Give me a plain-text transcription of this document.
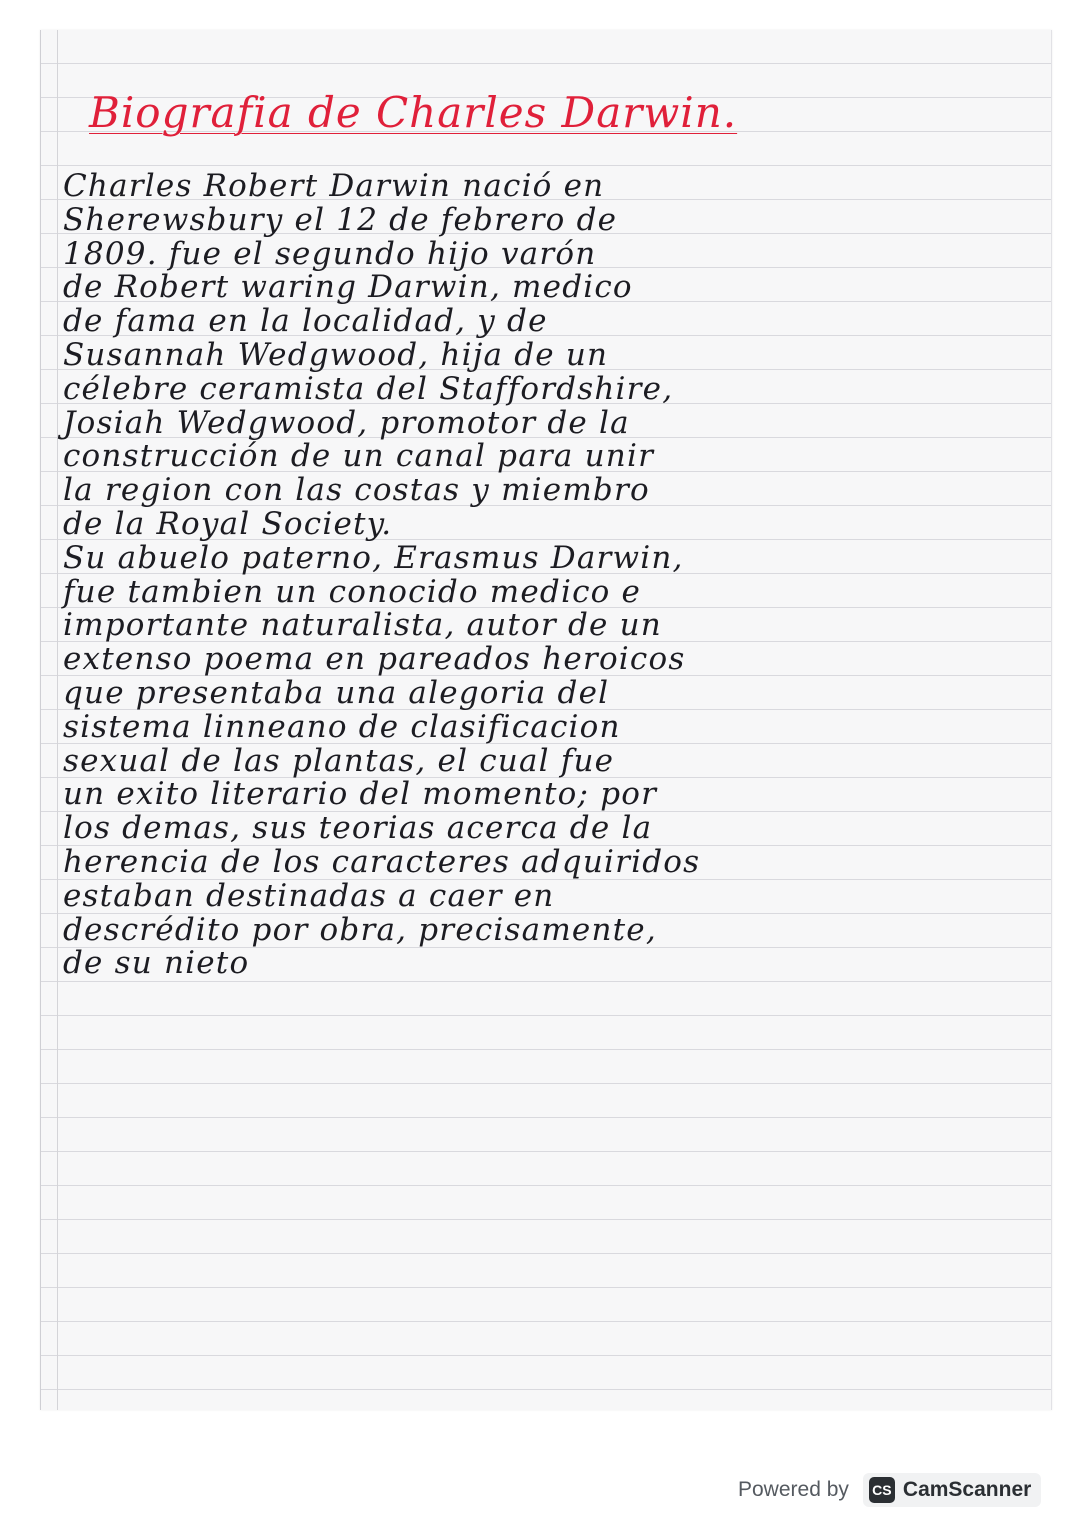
Biografia de Charles Darwin.
Charles Robert Darwin nació en
Sherewsbury el 12 de febrero de
1809. fue el segundo hijo varón
de Robert waring Darwin, medico
de fama en la localidad, y de
Susannah Wedgwood, hija de un
célebre ceramista del Staffordshire,
Josiah Wedgwood, promotor de la
construcción de un canal para unir
la region con las costas y miembro
de la Royal Society.
Su abuelo paterno, Erasmus Darwin,
fue tambien un conocido medico e
importante naturalista, autor de un
extenso poema en pareados heroicos
que presentaba una alegoria del
sistema linneano de clasificacion
sexual de las plantas, el cual fue
un exito literario del momento; por
los demas, sus teorias acerca de la
herencia de los caracteres adquiridos
estaban destinadas a caer en
descrédito por obra, precisamente,
de su nieto
Powered by CS CamScanner
